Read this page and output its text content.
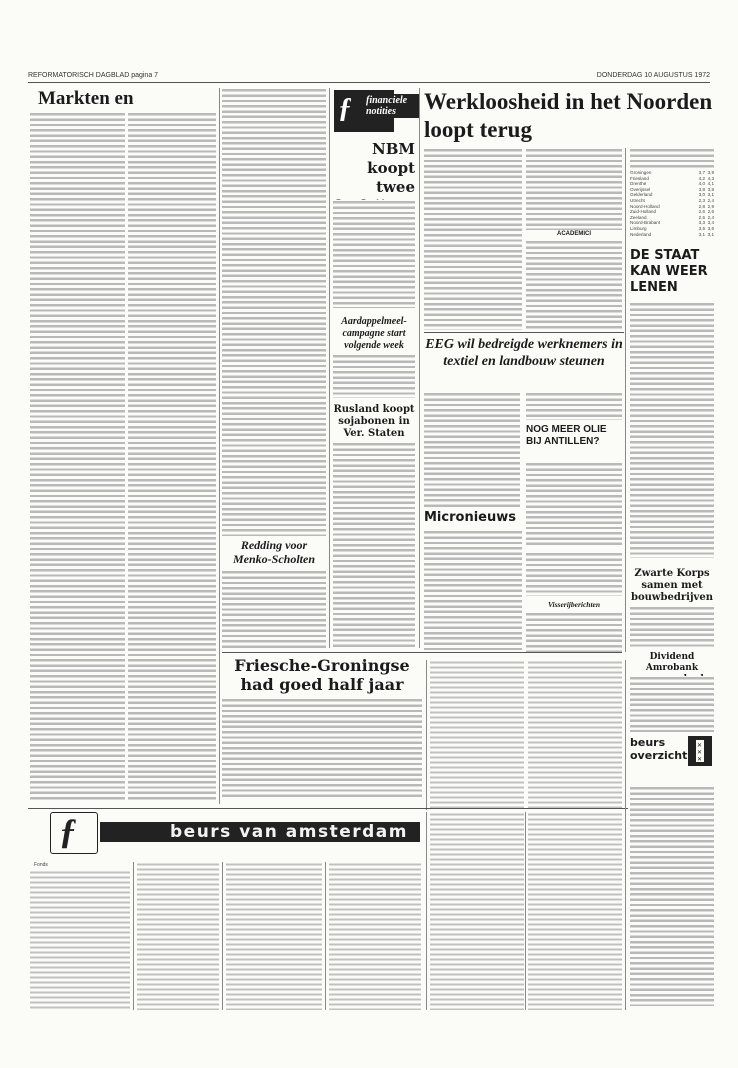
REFORMATORISCH DAGBLAD pagina 7	DONDERDAG 10 AUGUSTUS 1972
Markten en
Redding voor Menko-Scholten
ƒ financiele notities
NBM koopt twee
Aardappelmeel-campagne start volgende week
Rusland koopt sojabonen in Ver. Staten
Werkloosheid in het Noorden loopt terug
ACADEMICI
Groningen	3,7 3,9
Friesland	4,2 4,3
Drenthe	4,0 4,1
Overijssel	3,8 3,8
Gelderland	3,0 3,1
Utrecht	2,3 2,4
Noord-Holland	2,8 2,9
Zuid-Holland	2,6 2,6
Zeeland	2,5 2,4
Noord-Brabant	3,3 3,4
Limburg	3,5 3,6
Nederland	3,1 3,1
DE STAAT KAN WEER LENEN
Zwarte Korps samen met bouwbedrijven
Dividend Amrobank
EEG wil bedreigde werknemers in textiel en landbouw steunen
NOG MEER OLIE BIJ ANTILLEN?
Micronieuws
Visserijberichten
Friesche-Groningse had goed half jaar
ƒ	beurs van amsterdam
beurs
overzicht
✕
✕
✕
Fonds
